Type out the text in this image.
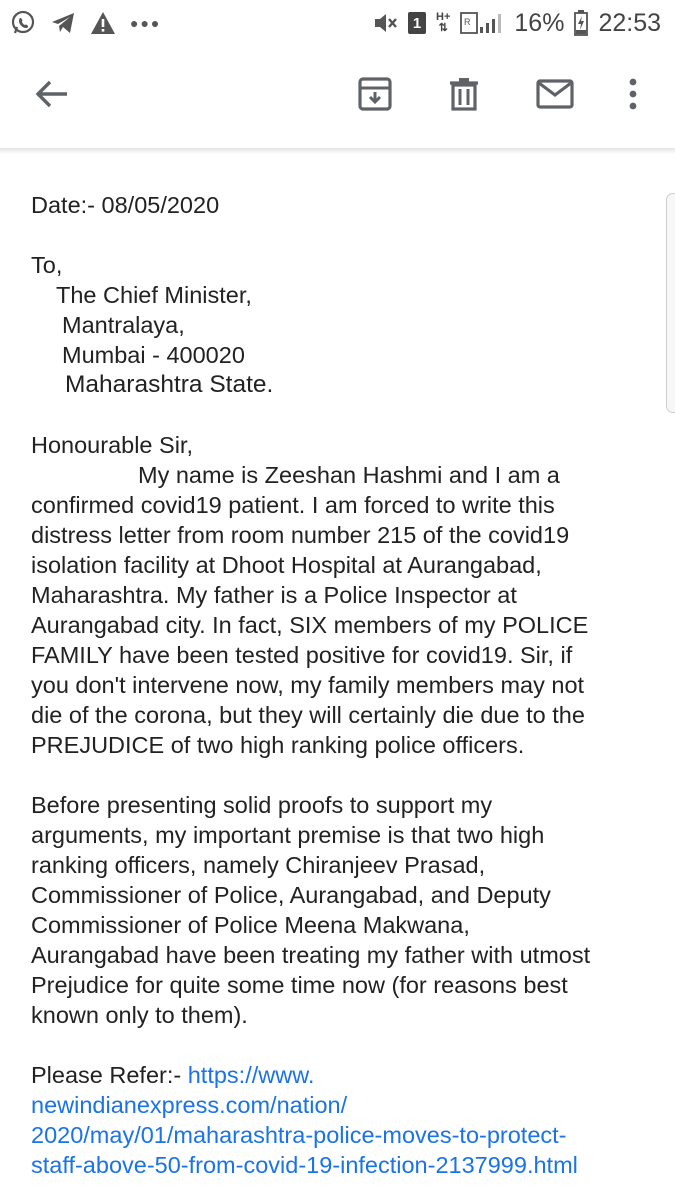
●●●	1	H+
⇅ R 16% 22:53

Date:- 08/05/2020

To,

The Chief Minister,

Mantralaya,

Mumbai - 400020

Maharashtra State.

Honourable Sir,

My name is Zeeshan Hashmi and I am a

confirmed covid19 patient. I am forced to write this

distress letter from room number 215 of the covid19

isolation facility at Dhoot Hospital at Aurangabad,

Maharashtra. My father is a Police Inspector at

Aurangabad city. In fact, SIX members of my POLICE

FAMILY have been tested positive for covid19. Sir, if

you don't intervene now, my family members may not

die of the corona, but they will certainly die due to the

PREJUDICE of two high ranking police officers.

Before presenting solid proofs to support my

arguments, my important premise is that two high

ranking officers, namely Chiranjeev Prasad,

Commissioner of Police, Aurangabad, and Deputy

Commissioner of Police Meena Makwana,

Aurangabad have been treating my father with utmost

Prejudice for quite some time now (for reasons best

known only to them).

Please Refer:- https://www.

newindianexpress.com/nation/

2020/may/01/maharashtra-police-moves-to-protect-

staff-above-50-from-covid-19-infection-2137999.html
